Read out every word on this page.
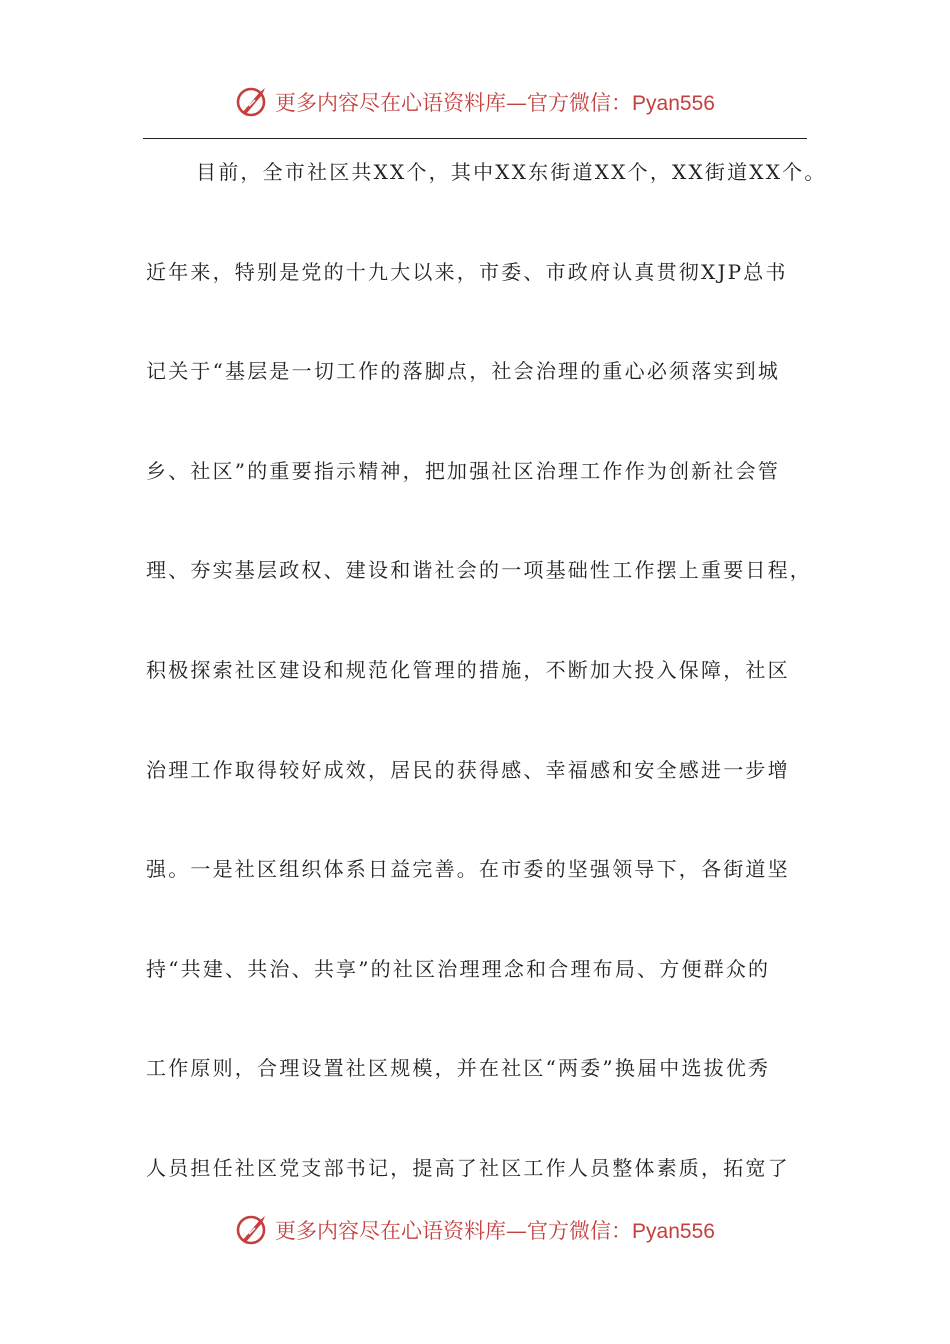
更多内容尽在心语资料库—官方微信：Pyan556
目前，全市社区共XX个，其中XX东街道XX个，XX街道XX个。
近年来，特别是党的十九大以来，市委、市政府认真贯彻XJP总书
记关于“基层是一切工作的落脚点，社会治理的重心必须落实到城
乡、社区”的重要指示精神，把加强社区治理工作作为创新社会管
理、夯实基层政权、建设和谐社会的一项基础性工作摆上重要日程，
积极探索社区建设和规范化管理的措施，不断加大投入保障，社区
治理工作取得较好成效，居民的获得感、幸福感和安全感进一步增
强。一是社区组织体系日益完善。在市委的坚强领导下，各街道坚
持“共建、共治、共享”的社区治理理念和合理布局、方便群众的
工作原则，合理设置社区规模，并在社区“两委”换届中选拔优秀
人员担任社区党支部书记，提高了社区工作人员整体素质，拓宽了
更多内容尽在心语资料库—官方微信：Pyan556
